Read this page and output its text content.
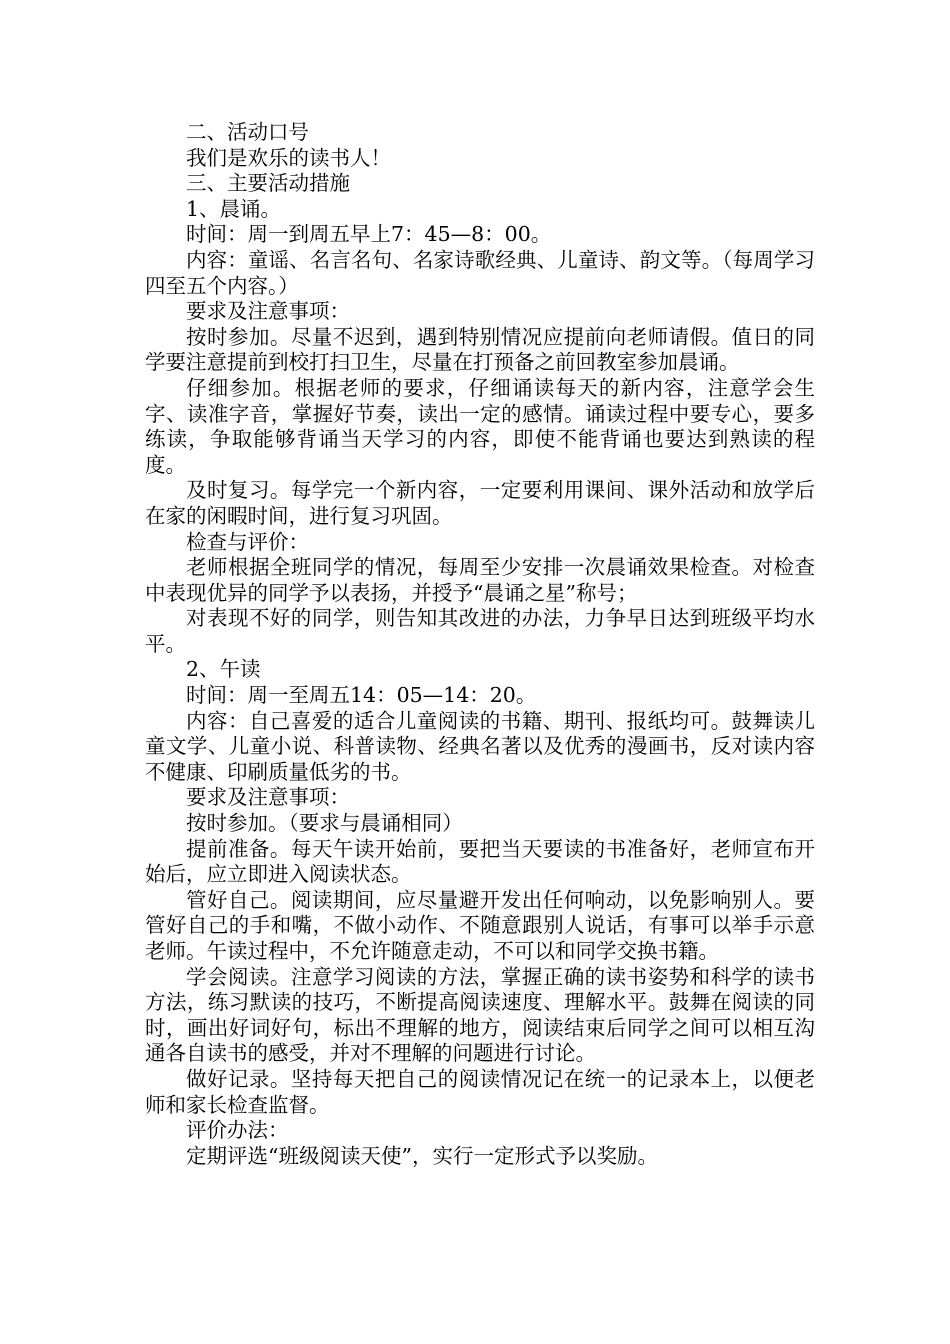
二、活动口号

我们是欢乐的读书人！

三、主要活动措施

1、晨诵。

时间：周一到周五早上7：45—8：00。

内容：童谣、名言名句、名家诗歌经典、儿童诗、韵文等。（每周学习四至五个内容。）

要求及注意事项：

按时参加。尽量不迟到，遇到特别情况应提前向老师请假。值日的同学要注意提前到校打扫卫生，尽量在打预备之前回教室参加晨诵。

仔细参加。根据老师的要求，仔细诵读每天的新内容，注意学会生字、读准字音，掌握好节奏，读出一定的感情。诵读过程中要专心，要多练读，争取能够背诵当天学习的内容，即使不能背诵也要达到熟读的程度。

及时复习。每学完一个新内容，一定要利用课间、课外活动和放学后在家的闲暇时间，进行复习巩固。

检查与评价：

老师根据全班同学的情况，每周至少安排一次晨诵效果检查。对检查中表现优异的同学予以表扬，并授予“晨诵之星”称号；

对表现不好的同学，则告知其改进的办法，力争早日达到班级平均水平。

2、午读

时间：周一至周五14：05—14：20。

内容：自己喜爱的适合儿童阅读的书籍、期刊、报纸均可。鼓舞读儿童文学、儿童小说、科普读物、经典名著以及优秀的漫画书，反对读内容不健康、印刷质量低劣的书。

要求及注意事项：

按时参加。（要求与晨诵相同）

提前准备。每天午读开始前，要把当天要读的书准备好，老师宣布开始后，应立即进入阅读状态。

管好自己。阅读期间，应尽量避开发出任何响动，以免影响别人。要管好自己的手和嘴，不做小动作、不随意跟别人说话，有事可以举手示意老师。午读过程中，不允许随意走动，不可以和同学交换书籍。

学会阅读。注意学习阅读的方法，掌握正确的读书姿势和科学的读书方法，练习默读的技巧，不断提高阅读速度、理解水平。鼓舞在阅读的同时，画出好词好句，标出不理解的地方，阅读结束后同学之间可以相互沟通各自读书的感受，并对不理解的问题进行讨论。

做好记录。坚持每天把自己的阅读情况记在统一的记录本上，以便老师和家长检查监督。

评价办法：

定期评选“班级阅读天使”，实行一定形式予以奖励。
